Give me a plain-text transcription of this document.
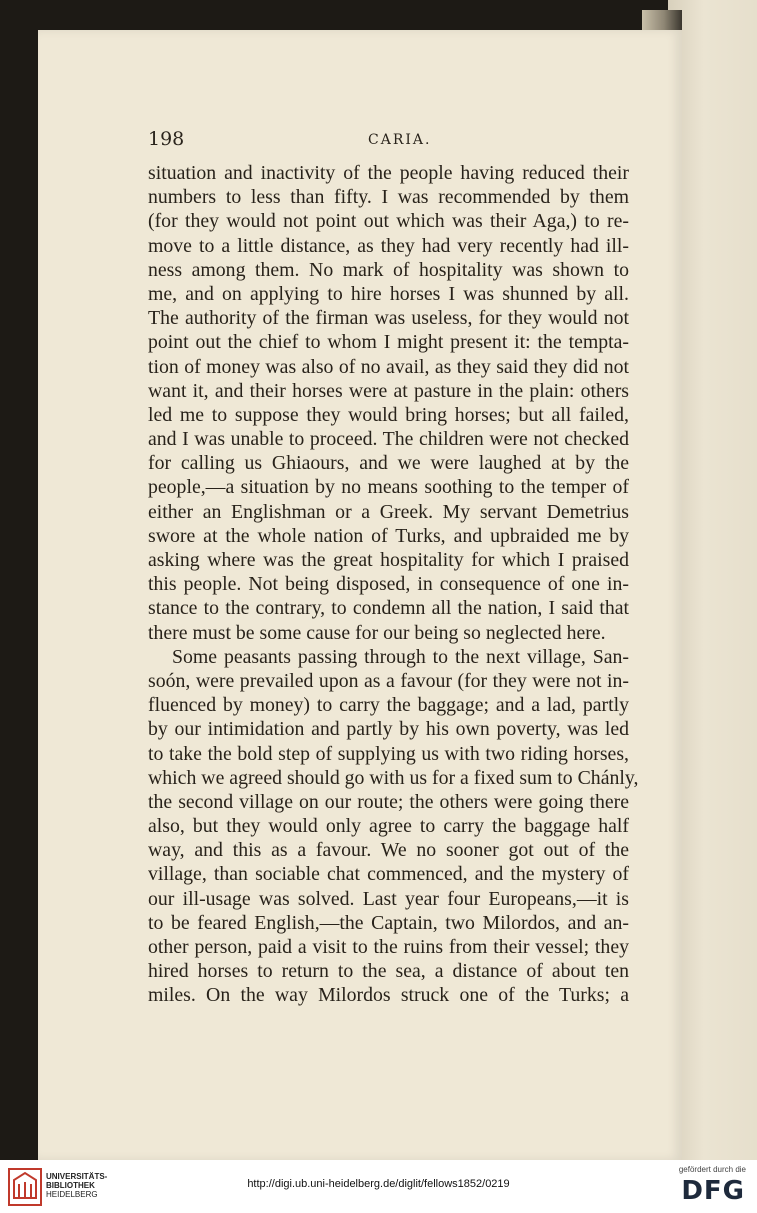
198	CARIA.
situation and inactivity of the people having reduced their
numbers to less than fifty. I was recommended by them
(for they would not point out which was their Aga,) to re-
move to a little distance, as they had very recently had ill-
ness among them. No mark of hospitality was shown to
me, and on applying to hire horses I was shunned by all.
The authority of the firman was useless, for they would not
point out the chief to whom I might present it: the tempta-
tion of money was also of no avail, as they said they did not
want it, and their horses were at pasture in the plain: others
led me to suppose they would bring horses; but all failed,
and I was unable to proceed. The children were not checked
for calling us Ghiaours, and we were laughed at by the
people,—a situation by no means soothing to the temper of
either an Englishman or a Greek. My servant Demetrius
swore at the whole nation of Turks, and upbraided me by
asking where was the great hospitality for which I praised
this people. Not being disposed, in consequence of one in-
stance to the contrary, to condemn all the nation, I said that
there must be some cause for our being so neglected here.
Some peasants passing through to the next village, San-
soón, were prevailed upon as a favour (for they were not in-
fluenced by money) to carry the baggage; and a lad, partly
by our intimidation and partly by his own poverty, was led
to take the bold step of supplying us with two riding horses,
which we agreed should go with us for a fixed sum to Chánly,
the second village on our route; the others were going there
also, but they would only agree to carry the baggage half
way, and this as a favour. We no sooner got out of the
village, than sociable chat commenced, and the mystery of
our ill-usage was solved. Last year four Europeans,—it is
to be feared English,—the Captain, two Milordos, and an-
other person, paid a visit to the ruins from their vessel; they
hired horses to return to the sea, a distance of about ten
miles. On the way Milordos struck one of the Turks; a
UNIVERSITÄTS-
BIBLIOTHEK
HEIDELBERG
http://digi.ub.uni-heidelberg.de/diglit/fellows1852/0219
gefördert durch die
DFG
